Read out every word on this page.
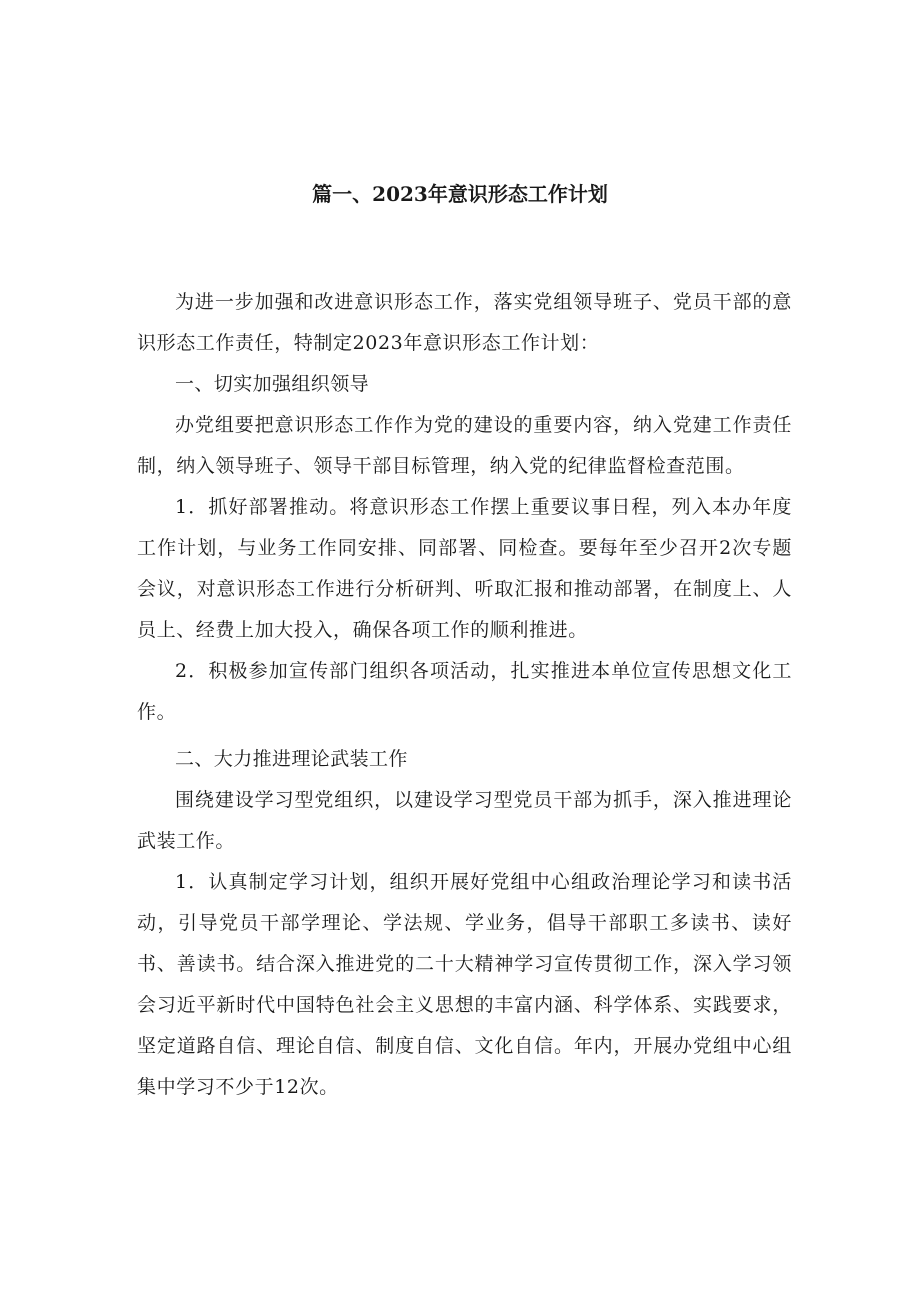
篇一、2023年意识形态工作计划

为进一步加强和改进意识形态工作，落实党组领导班子、党员干部的意识形态工作责任，特制定2023年意识形态工作计划：

一、切实加强组织领导

办党组要把意识形态工作作为党的建设的重要内容，纳入党建工作责任制，纳入领导班子、领导干部目标管理，纳入党的纪律监督检查范围。

1．抓好部署推动。将意识形态工作摆上重要议事日程，列入本办年度工作计划，与业务工作同安排、同部署、同检查。要每年至少召开2次专题会议，对意识形态工作进行分析研判、听取汇报和推动部署，在制度上、人员上、经费上加大投入，确保各项工作的顺利推进。

2．积极参加宣传部门组织各项活动，扎实推进本单位宣传思想文化工作。

二、大力推进理论武装工作

围绕建设学习型党组织，以建设学习型党员干部为抓手，深入推进理论武装工作。

1．认真制定学习计划，组织开展好党组中心组政治理论学习和读书活动，引导党员干部学理论、学法规、学业务，倡导干部职工多读书、读好书、善读书。结合深入推进党的二十大精神学习宣传贯彻工作，深入学习领会习近平新时代中国特色社会主义思想的丰富内涵、科学体系、实践要求，坚定道路自信、理论自信、制度自信、文化自信。年内，开展办党组中心组集中学习不少于12次。
